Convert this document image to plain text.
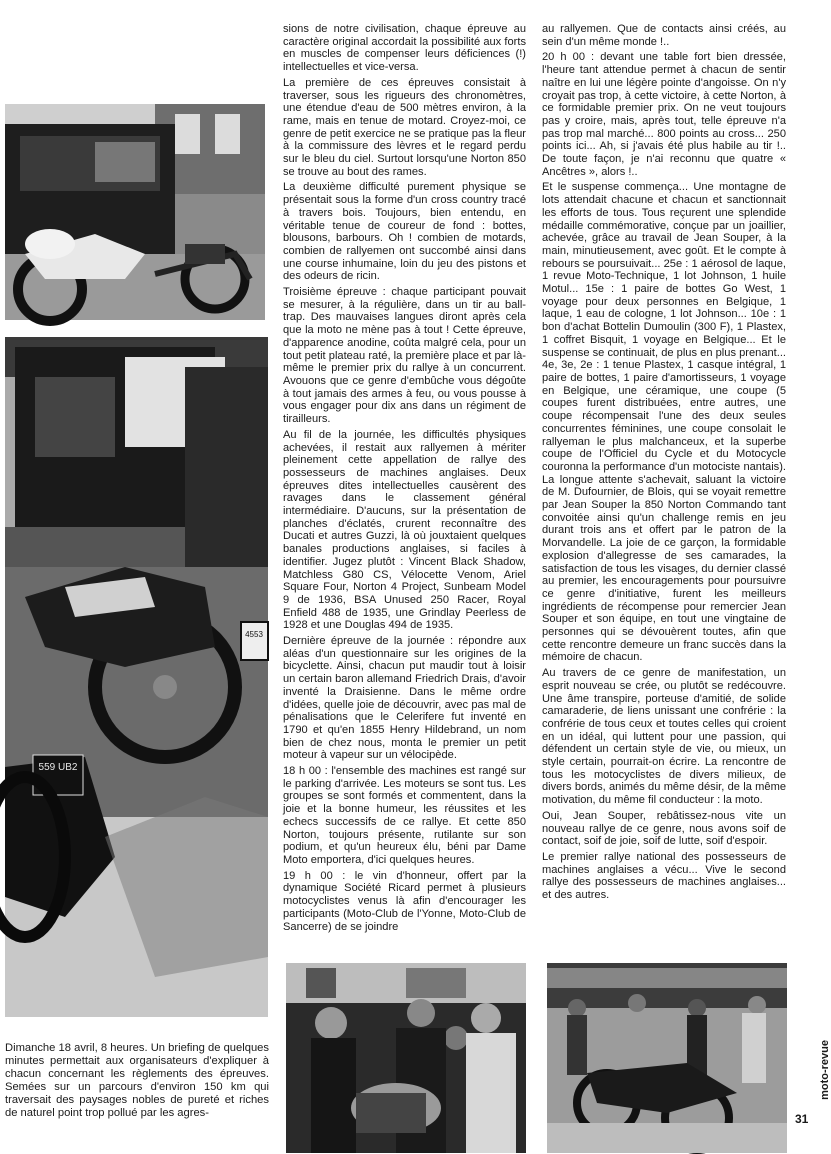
4553
559 UB2
Dimanche 18 avril, 8 heures. Un briefing de quelques minutes permettait aux organisateurs d'expliquer à chacun concernant les règlements des épreuves. Semées sur un parcours d'environ 150 km qui traversait des paysages nobles de pureté et riches de naturel point trop pollué par les agres-

sions de notre civilisation, chaque épreuve au caractère original accordait la possibilité aux forts en muscles de compenser leurs déficiences (!) intellectuelles et vice-versa.

La première de ces épreuves consistait à traverser, sous les rigueurs des chronomètres, une étendue d'eau de 500 mètres environ, à la rame, mais en tenue de motard. Croyez-moi, ce genre de petit exercice ne se pratique pas la fleur à la commissure des lèvres et le regard perdu sur le bleu du ciel. Surtout lorsqu'une Norton 850 se trouve au bout des rames.

La deuxième difficulté purement physique se présentait sous la forme d'un cross country tracé à travers bois. Toujours, bien entendu, en véritable tenue de coureur de fond : bottes, blousons, barbours. Oh ! combien de motards, combien de rallyemen ont succombé ainsi dans une course inhumaine, loin du jeu des pistons et des odeurs de ricin.

Troisième épreuve : chaque participant pouvait se mesurer, à la régulière, dans un tir au ball-trap. Des mauvaises langues diront après cela que la moto ne mène pas à tout ! Cette épreuve, d'apparence anodine, coûta malgré cela, pour un tout petit plateau raté, la première place et par là-même le premier prix du rallye à un concurrent. Avouons que ce genre d'embûche vous dégoûte à tout jamais des armes à feu, ou vous pousse à vous engager pour dix ans dans un régiment de tirailleurs.

Au fil de la journée, les difficultés physiques achevées, il restait aux rallyemen à mériter pleinement cette appellation de rallye des possesseurs de machines anglaises. Deux épreuves dites intellectuelles causèrent des ravages dans le classement général intermédiaire. D'aucuns, sur la présentation de planches d'éclatés, crurent reconnaître des Ducati et autres Guzzi, là où jouxtaient quelques banales productions anglaises, si faciles à identifier. Jugez plutôt : Vincent Black Shadow, Matchless G80 CS, Vélocette Venom, Ariel Square Four, Norton 4 Project, Sunbeam Model 9 de 1936, BSA Unused 250 Racer, Royal Enfield 488 de 1935, une Grindlay Peerless de 1928 et une Douglas 494 de 1935.

Dernière épreuve de la journée : répondre aux aléas d'un questionnaire sur les origines de la bicyclette. Ainsi, chacun put maudir tout à loisir un certain baron allemand Friedrich Drais, d'avoir inventé la Draisienne. Dans le même ordre d'idées, quelle joie de découvrir, avec pas mal de pénalisations que le Celerifere fut inventé en 1790 et qu'en 1855 Henry Hildebrand, un nom bien de chez nous, monta le premier un petit moteur à vapeur sur un vélocipède.

18 h 00 : l'ensemble des machines est rangé sur le parking d'arrivée. Les moteurs se sont tus. Les groupes se sont formés et commentent, dans la joie et la bonne humeur, les réussites et les echecs successifs de ce rallye. Et cette 850 Norton, toujours présente, rutilante sur son podium, et qu'un heureux élu, béni par Dame Moto emportera, d'ici quelques heures.

19 h 00 : le vin d'honneur, offert par la dynamique Société Ricard permet à plusieurs motocyclistes venus là afin d'encourager les participants (Moto-Club de l'Yonne, Moto-Club de Sancerre) de se joindre

au rallyemen. Que de contacts ainsi créés, au sein d'un même monde !..

20 h 00 : devant une table fort bien dressée, l'heure tant attendue permet à chacun de sentir naître en lui une légère pointe d'angoisse. On n'y croyait pas trop, à cette victoire, à cette Norton, à ce formidable premier prix. On ne veut toujours pas y croire, mais, après tout, telle épreuve n'a pas trop mal marché... 800 points au cross... 250 points ici... Ah, si j'avais été plus habile au tir !.. De toute façon, je n'ai reconnu que quatre « Ancêtres », alors !..

Et le suspense commença... Une montagne de lots attendait chacune et chacun et sanctionnait les efforts de tous. Tous reçurent une splendide médaille commémorative, conçue par un joaillier, achevée, grâce au travail de Jean Souper, à la main, minutieusement, avec goût. Et le compte à rebours se poursuivait... 25e : 1 aérosol de laque, 1 revue Moto-Technique, 1 lot Johnson, 1 huile Motul... 15e : 1 paire de bottes Go West, 1 voyage pour deux personnes en Belgique, 1 laque, 1 eau de cologne, 1 lot Johnson... 10e : 1 bon d'achat Bottelin Dumoulin (300 F), 1 Plastex, 1 coffret Bisquit, 1 voyage en Belgique... Et le suspense se continuait, de plus en plus prenant... 4e, 3e, 2e : 1 tenue Plastex, 1 casque intégral, 1 paire de bottes, 1 paire d'amortisseurs, 1 voyage en Belgique, une céramique, une coupe (5 coupes furent distribuées, entre autres, une coupe récompensait l'une des deux seules concurrentes féminines, une coupe consolait le rallyeman le plus malchanceux, et la superbe coupe de l'Officiel du Cycle et du Motocycle couronna la performance d'un motociste nantais). La longue attente s'achevait, saluant la victoire de M. Dufournier, de Blois, qui se voyait remettre par Jean Souper la 850 Norton Commando tant convoitée ainsi qu'un challenge remis en jeu durant trois ans et offert par le patron de la Morvandelle. La joie de ce garçon, la formidable explosion d'allegresse de ses camarades, la satisfaction de tous les visages, du dernier classé au premier, les encouragements pour poursuivre ce genre d'initiative, furent les meilleurs ingrédients de récompense pour remercier Jean Souper et son équipe, en tout une vingtaine de personnes qui se dévouèrent toutes, afin que cette rencontre demeure un franc succès dans la mémoire de chacun.

Au travers de ce genre de manifestation, un esprit nouveau se crée, ou plutôt se redécouvre. Une âme transpire, porteuse d'amitié, de solide camaraderie, de liens unissant une confrérie : la confrérie de tous ceux et toutes celles qui croient en un idéal, qui luttent pour une passion, qui défendent un certain style de vie, ou mieux, un style certain, pourrait-on écrire. La rencontre de tous les motocyclistes de divers milieux, de divers bords, animés du même désir, de la même motivation, du même fil conducteur : la moto.

Oui, Jean Souper, rebâtissez-nous vite un nouveau rallye de ce genre, nous avons soif de contact, soif de joie, soif de lutte, soif d'espoir.

Le premier rallye national des possesseurs de machines anglaises a vécu... Vive le second rallye des possesseurs de machines anglaises... et des autres.

moto-revue
31
